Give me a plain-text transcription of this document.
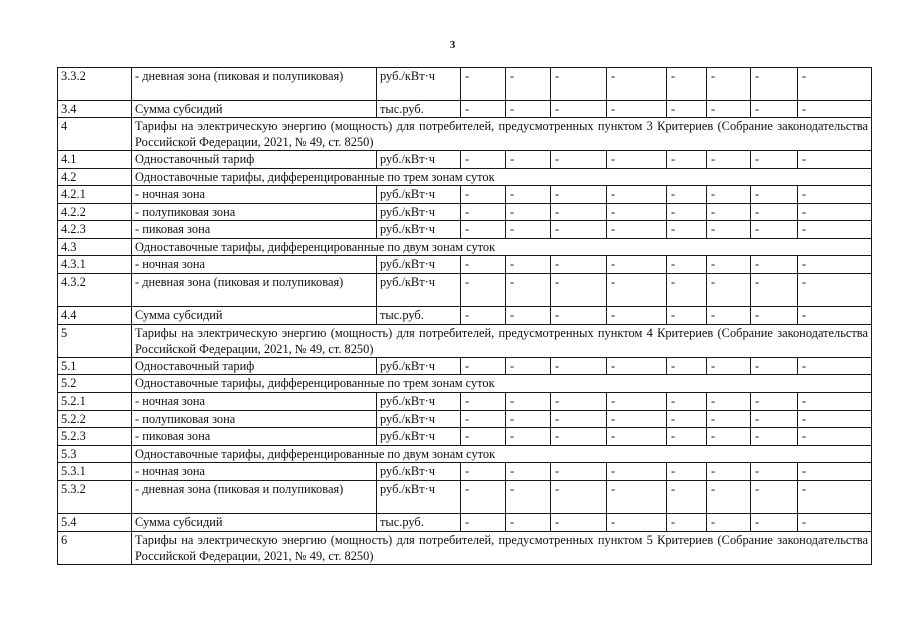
3
3.3.2	- дневная зона (пиковая и полупиковая)	руб./кВт·ч	-	-	-	-	-	-	-	-
3.4	Сумма субсидий	тыс.руб.	-	-	-	-	-	-	-	-
4	Тарифы на электрическую энергию (мощность) для потребителей, предусмотренных пунктом 3 Критериев (Собрание законодательства Российской Федерации, 2021, № 49, ст. 8250)									
4.1	Одноставочный тариф	руб./кВт·ч	-	-	-	-	-	-	-	-
4.2	Одноставочные тарифы, дифференцированные по трем зонам суток									
4.2.1	- ночная зона	руб./кВт·ч	-	-	-	-	-	-	-	-
4.2.2	- полупиковая зона	руб./кВт·ч	-	-	-	-	-	-	-	-
4.2.3	- пиковая зона	руб./кВт·ч	-	-	-	-	-	-	-	-
4.3	Одноставочные тарифы, дифференцированные по двум зонам суток									
4.3.1	- ночная зона	руб./кВт·ч	-	-	-	-	-	-	-	-
4.3.2	- дневная зона (пиковая и полупиковая)	руб./кВт·ч	-	-	-	-	-	-	-	-
4.4	Сумма субсидий	тыс.руб.	-	-	-	-	-	-	-	-
5	Тарифы на электрическую энергию (мощность) для потребителей, предусмотренных пунктом 4 Критериев (Собрание законодательства Российской Федерации, 2021, № 49, ст. 8250)									
5.1	Одноставочный тариф	руб./кВт·ч	-	-	-	-	-	-	-	-
5.2	Одноставочные тарифы, дифференцированные по трем зонам суток									
5.2.1	- ночная зона	руб./кВт·ч	-	-	-	-	-	-	-	-
5.2.2	- полупиковая зона	руб./кВт·ч	-	-	-	-	-	-	-	-
5.2.3	- пиковая зона	руб./кВт·ч	-	-	-	-	-	-	-	-
5.3	Одноставочные тарифы, дифференцированные по двум зонам суток									
5.3.1	- ночная зона	руб./кВт·ч	-	-	-	-	-	-	-	-
5.3.2	- дневная зона (пиковая и полупиковая)	руб./кВт·ч	-	-	-	-	-	-	-	-
5.4	Сумма субсидий	тыс.руб.	-	-	-	-	-	-	-	-
6	Тарифы на электрическую энергию (мощность) для потребителей, предусмотренных пунктом 5 Критериев (Собрание законодательства Российской Федерации, 2021, № 49, ст. 8250)									
